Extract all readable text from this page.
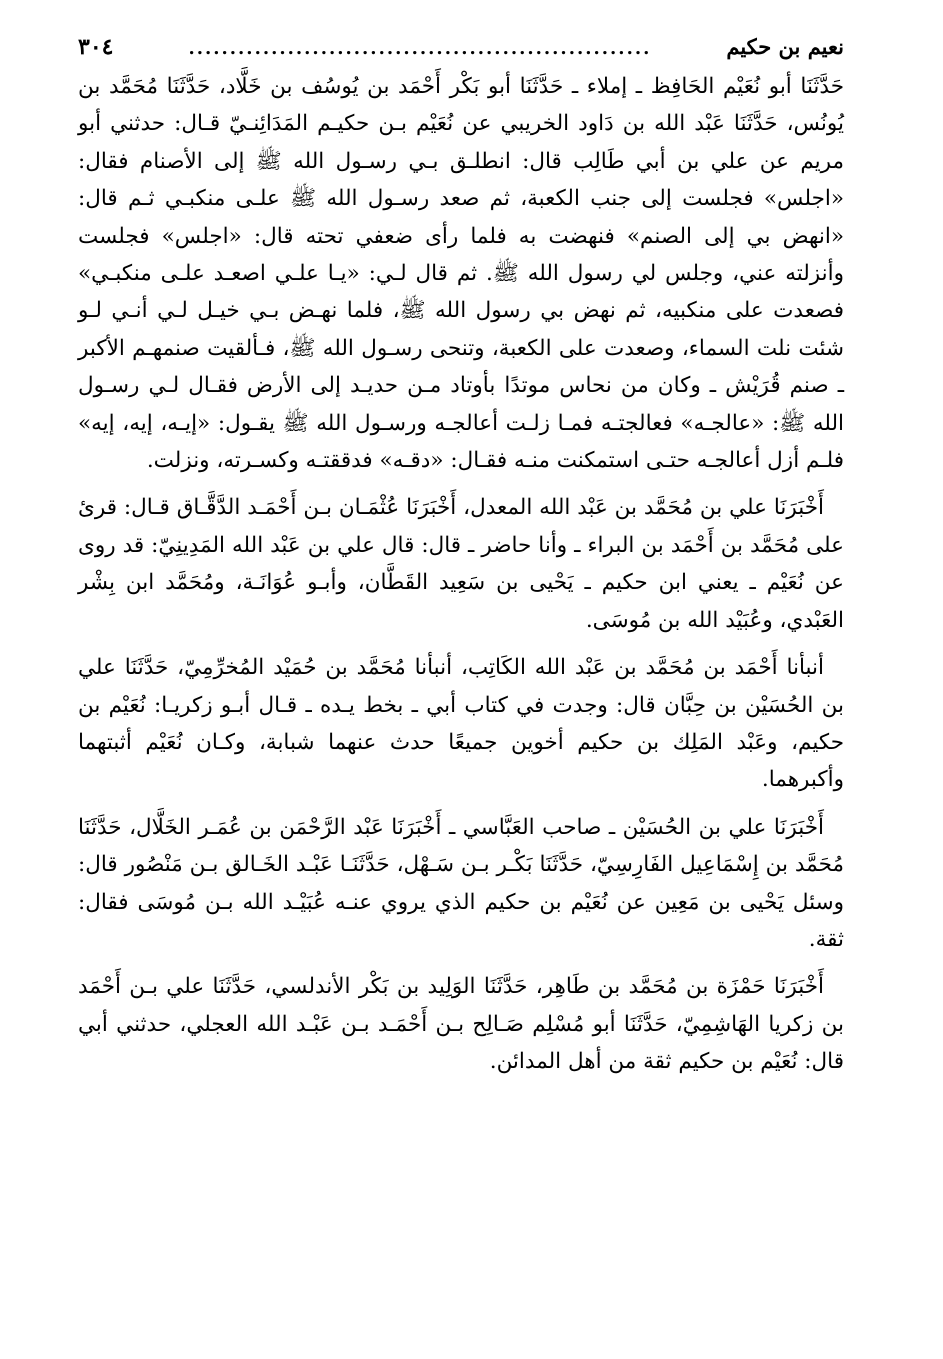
٣٠٤	........................................................	نعيم بن حكيم

حَدَّثَنَا أبو نُعَيْم الحَافِظ ـ إملاء ـ حَدَّثَنَا أبو بَكْر أَحْمَد بن يُوسُف بن خَلَّاد، حَدَّثَنَا مُحَمَّد بن يُونُس، حَدَّثَنَا عَبْد الله بن دَاود الخريبي عن نُعَيْم بـن حكيـم المَدَائِنـيّ قـال: حدثني أبو مريم عن علي بن أبي طَالِب قال: انطلـق بـي رسـول الله ﷺ إلى الأصنام فقال: «اجلس» فجلست إلى جنب الكعبة، ثم صعد رسـول الله ﷺ علـى منكبـي ثـم قال: «انهض بي إلى الصنم» فنهضت به فلما رأى ضعفي تحته قال: «اجلس» فجلست وأنزلته عني، وجلس لي رسول الله ﷺ. ثم قال لـي: «يـا علـي اصعـد علـى منكبـي» فصعدت على منكبيه، ثم نهض بي رسول الله ﷺ، فلما نهـض بـي خيـل لـي أنـي لـو شئت نلت السماء، وصعدت على الكعبة، وتنحى رسـول الله ﷺ، فـألقيت صنمهـم الأكبر ـ صنم قُرَيْش ـ وكان من نحاس موتدًا بأوتاد مـن حديـد إلى الأرض فقـال لـي رسـول الله ﷺ: «عالجـه» فعالجتـه فمـا زلـت أعالجـه ورسـول الله ﷺ يقـول: «إيـه، إيه، إيه» فلـم أزل أعالجـه حتـى استمكنت منـه فقـال: «دقـه» فدققتـه وكسـرته، ونزلت.

أَخْبَرَنَا علي بن مُحَمَّد بن عَبْد الله المعدل، أَخْبَرَنَا عُثْمَـان بـن أَحْمَـد الدَّقَّـاق قـال: قرئ على مُحَمَّد بن أَحْمَد بن البراء ـ وأنا حاضر ـ قال: قال علي بن عَبْد الله المَدِينِيّ: قد روى عن نُعَيْم ـ يعني ابن حكيم ـ يَحْيى بن سَعِيد القَطَّان، وأبـو عُوَانَـة، ومُحَمَّد ابن بِشْر العَبْدي، وعُبَيْد الله بن مُوسَى.

أنبأنا أَحْمَد بن مُحَمَّد بن عَبْد الله الكَاتِب، أنبأنا مُحَمَّد بن حُمَيْد المُخرِّمِيّ، حَدَّثَنَا علي بن الحُسَيْن بن حِبَّان قال: وجدت في كتاب أبي ـ بخط يـده ـ قـال أبـو زكريـا: نُعَيْم بن حكيم، وعَبْد المَلِك بن حكيم أخوين جميعًا حدث عنهما شبابة، وكـان نُعَيْم أثبتهما وأكبرهما.

أَخْبَرَنَا علي بن الحُسَيْن ـ صاحب العَبَّاسي ـ أَخْبَرَنَا عَبْد الرَّحْمَن بن عُمَـر الخَلَّال، حَدَّثَنَا مُحَمَّد بن إِسْمَاعِيل الفَارِسِيّ، حَدَّثَنَا بَكْـر بـن سَـهْل، حَدَّثَنَـا عَبْـد الخَـالق بـن مَنْصُور قال: وسئل يَحْيى بن مَعِين عن نُعَيْم بن حكيم الذي يروي عنـه عُبَيْـد الله بـن مُوسَى فقال: ثقة.

أَخْبَرَنَا حَمْزَة بن مُحَمَّد بن طَاهِر، حَدَّثَنَا الوَلِيد بن بَكْر الأندلسي، حَدَّثَنَا علي بـن أَحْمَد بن زكريا الهَاشِمِيّ، حَدَّثَنَا أبو مُسْلِم صَـالِح بـن أَحْمَـد بـن عَبْـد الله العجلي، حدثني أبي قال: نُعَيْم بن حكيم ثقة من أهل المدائن.
